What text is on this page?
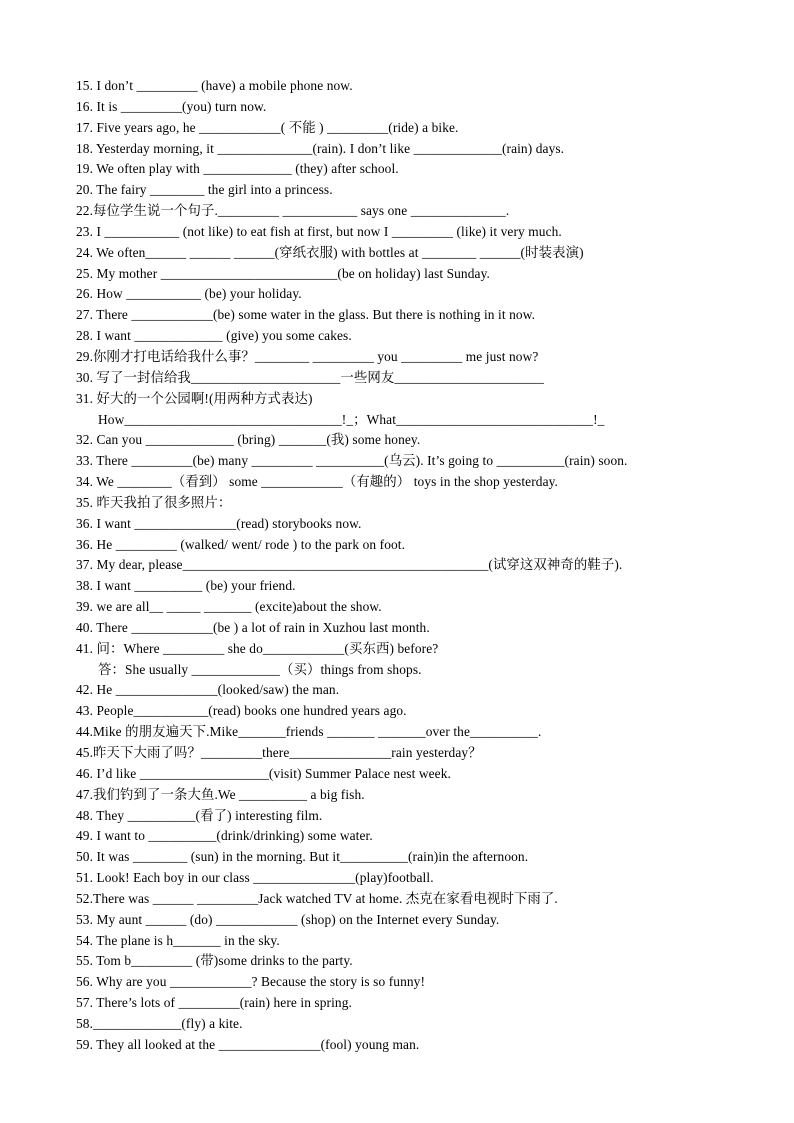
15. I don’t _________ (have) a mobile phone now.
16. It is _________(you) turn now.
17. Five years ago, he ____________( 不能 ) _________(ride) a bike.
18. Yesterday morning, it ______________(rain). I don’t like _____________(rain) days.
19. We often play with _____________ (they) after school.
20. The fairy ________ the girl into a princess.
22.每位学生说一个句子._________ ___________ says one ______________.
23. I ___________ (not like) to eat fish at first, but now I _________ (like) it very much.
24. We often______ ______ ______(穿纸衣服) with bottles at ________ ______(时装表演)
25. My mother __________________________(be on holiday) last Sunday.
26. How ___________ (be) your holiday.
27. There ____________(be) some water in the glass. But there is nothing in it now.
28. I want _____________ (give) you some cakes.
29.你刚才打电话给我什么事？________ _________ you _________ me just now?
30. 写了一封信给我______________________一些网友______________________
31. 好大的一个公园啊!(用两种方式表达)
How________________________________!_；What_____________________________!_
32. Can you _____________ (bring) _______(我) some honey.
33. There _________(be) many _________ __________(乌云). It’s going to __________(rain) soon.
34. We ________（看到） some ____________（有趣的） toys in the shop yesterday.
35. 昨天我拍了很多照片：
36. I want _______________(read) storybooks now.
36. He _________ (walked/ went/ rode ) to the park on foot.
37. My dear, please_____________________________________________(试穿这双神奇的鞋子).
38. I want __________ (be) your friend.
39. we are all__ _____ _______ (excite)about the show.
40. There ____________(be ) a lot of rain in Xuzhou last month.
41. 问：Where _________ she do____________(买东西) before?
答：She usually _____________（买）things from shops.
42. He _______________(looked/saw) the man.
43. People___________(read) books one hundred years ago.
44.Mike 的朋友遍天下.Mike_______friends _______ _______over the__________.
45.昨天下大雨了吗？_________there_______________rain yesterday？
46. I’d like ___________________(visit) Summer Palace nest week.
47.我们钓到了一条大鱼.We __________ a big fish.
48. They __________(看了) interesting film.
49. I want to __________(drink/drinking) some water.
50. It was ________ (sun) in the morning. But it__________(rain)in the afternoon.
51. Look! Each boy in our class _______________(play)football.
52.There was ______ _________Jack watched TV at home. 杰克在家看电视时下雨了.
53. My aunt ______ (do) ____________ (shop) on the Internet every Sunday.
54. The plane is h_______ in the sky.
55. Tom b_________ (带)some drinks to the party.
56. Why are you ____________? Because the story is so funny!
57. There’s lots of _________(rain) here in spring.
58._____________(fly) a kite.
59. They all looked at the _______________(fool) young man.
